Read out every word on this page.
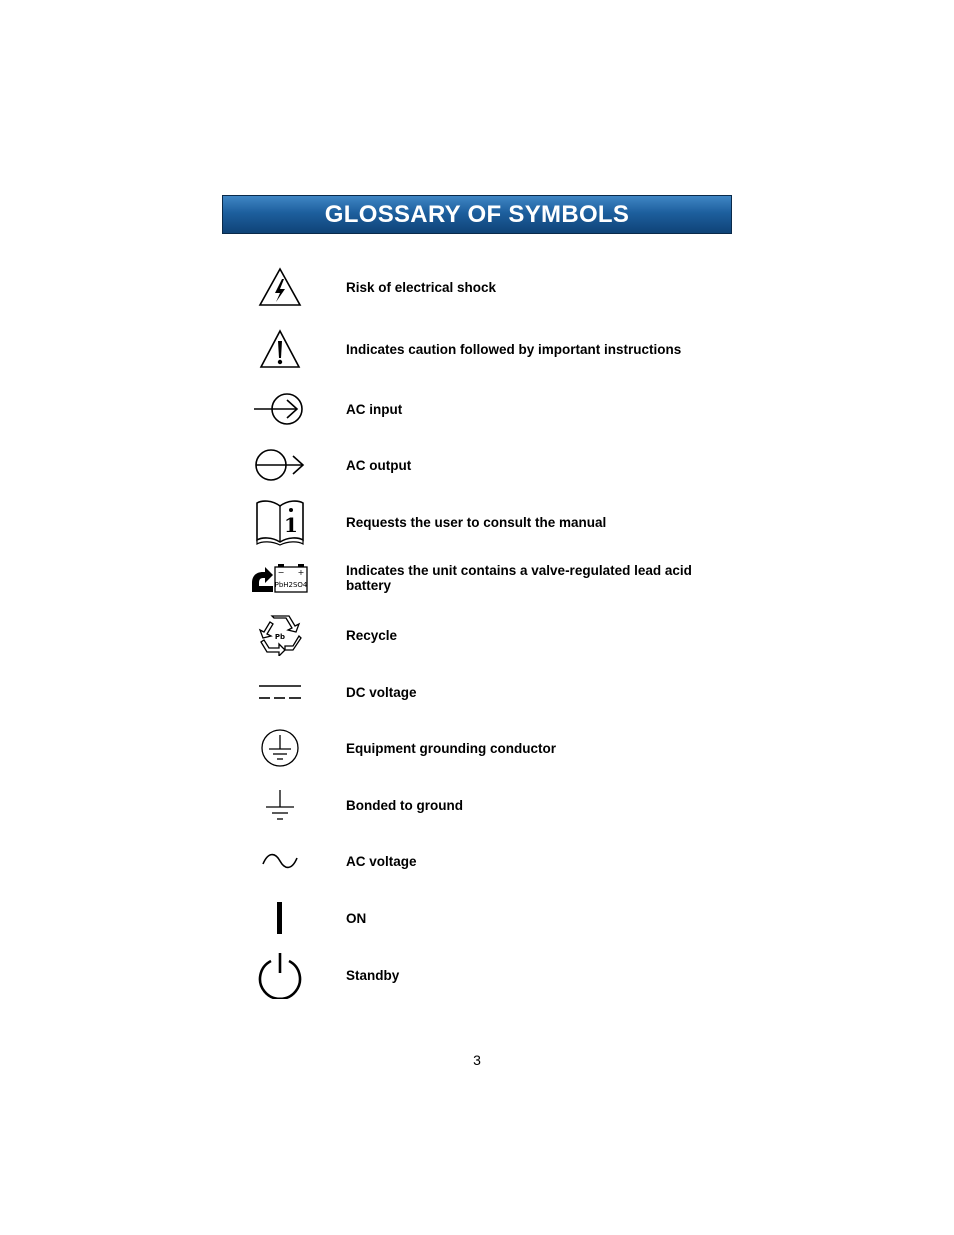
GLOSSARY OF SYMBOLS
Risk of electrical shock
Indicates caution followed by important instructions
AC input
AC output
1	Requests the user to consult the manual
− +
PbH2SO4
Indicates the unit contains a valve-regulated lead acid battery
Pb	Recycle
DC voltage
Equipment grounding conductor
Bonded to ground
AC voltage
ON
Standby
3
